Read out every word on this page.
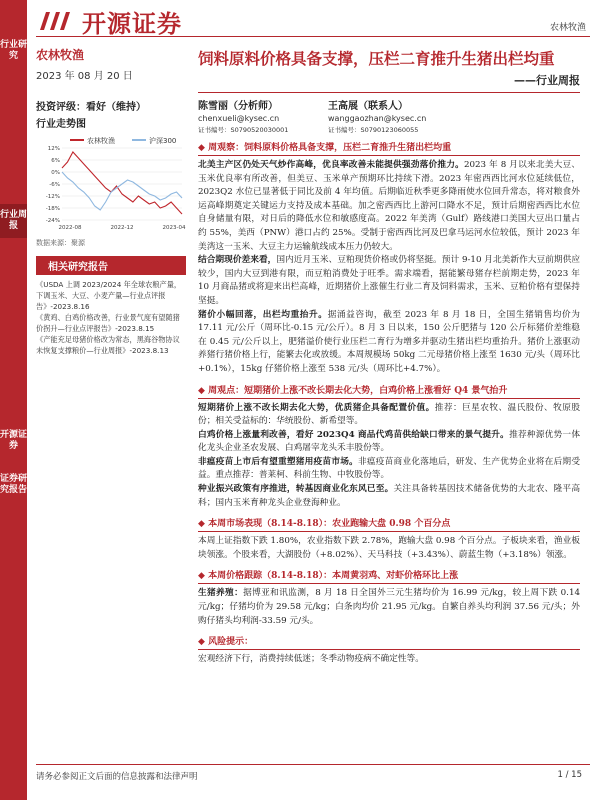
行业研究
行业周报
开源证券
证券研究报告
开源证券	农林牧渔
农林牧渔
2023 年 08 月 20 日
投资评级：看好（维持）
行业走势图
农林牧渔	沪深300
12%
6%
0%
-6%
-12%
-18%
-24%
2022-08	2022-12	2023-04
数据来源：聚源
相关研究报告

《USDA 上调 2023/2024 年全球农粮产量，下调玉米、大豆、小麦产量—行业点评报告》-2023.8.16

《黄鸡、白鸡价格改善，行业景气度有望随猪价拐升—行业点评报告》-2023.8.15

《产能充足母猪价格改为常态，黑海谷物协议未恢复支撑粮价—行业周报》-2023.8.13

饲料原料价格具备支撑，压栏二育推升生猪出栏均重
——行业周报
陈雪丽（分析师）
chenxueli@kysec.cn
证书编号：S0790520030001
王高展（联系人）
wanggaozhan@kysec.cn
证书编号：S0790123060055
◆ 周观察：饲料原料价格具备支撑，压栏二育推升生猪出栏均重

北美主产区仍处天气炒作高峰，优良率改善未能提供强劲落价推力。2023 年 8 月以来北美大豆、玉米优良率有所改善，但美豆、玉米单产预期环比持续下滑。2023 年密西西比河水位延续低位，2023Q2 水位已显著低于同比及前 4 年均值。后期临近秋季更多降雨使水位回升常态，将对粮食外运高峰期奠定关键运力支持及成本基础。加之密西西比上游河口降水不足，预计后期密西西比水位自身储量有限，对日后的降低水位和敏感度高。2022 年美湾（Gulf）路线港口美国大豆出口量占约 55%，美西（PNW）港口占约 25%。受制于密西西比河及巴拿马运河水位较低，预计 2023 年美湾这一玉米、大豆主力运输航线成本压力仍较大。

结合期现价差来看，国内近月玉米、豆粕现货价格或仍将坚挺。预计 9-10 月北美新作大豆前期供应较少，国内大豆到港有限，而豆粕消费处于旺季。需求端看，据能繁母猪存栏前期走势，2023 年 10 月商品猪或将迎来出栏高峰，近期猪价上涨催生行业二育及饲料需求，玉米、豆粕价格有望保持坚挺。

猪价小幅回落，出栏均重抬升。据涌益咨询，截至 2023 年 8 月 18 日，全国生猪销售均价为 17.11 元/公斤（周环比-0.15 元/公斤）。8 月 3 日以来，150 公斤肥猪与 120 公斤标猪价差维稳在 0.45 元/公斤以上，肥猪溢价使行业压栏二育行为增多并驱动生猪出栏均重抬升。猪价上涨驱动养猪行猪价格上行，能繁去化或放缓。本周规模场 50kg 二元母猪价格上涨至 1630 元/头（周环比+0.1%），15kg 仔猪价格上涨至 538 元/头（周环比+4.7%）。

◆ 周观点：短期猪价上涨不改长期去化大势，白鸡价格上涨看好 Q4 景气抬升

短期猪价上涨不改长期去化大势，优质猪企具备配置价值。推荐：巨星农牧、温氏股份、牧原股份；相关受益标的：华统股份、新希望等。

白鸡价格上涨量利改善，看好 2023Q4 商品代鸡苗供给缺口带来的景气提升。推荐种源优势一体化龙头企业圣农发展、白鸡屠宰龙头禾丰股份等。

非瘟疫苗上市后有望重塑猪用疫苗市场。非瘟疫苗商业化落地后，研发、生产优势企业将在后期受益。重点推荐：普莱柯、科前生物、中牧股份等。

种业振兴政策有序推进，转基因商业化东风已至。关注具备转基因技术储备优势的大北农、隆平高科；国内玉米育种龙头企业登海种业。

◆ 本周市场表现（8.14-8.18）：农业跑输大盘 0.98 个百分点

本周上证指数下跌 1.80%，农业指数下跌 2.78%，跑输大盘 0.98 个百分点。子板块来看，渔业板块领涨。个股来看，大湖股份（+8.02%）、天马科技（+3.43%）、蔚蓝生物（+3.18%）领涨。

◆ 本周价格跟踪（8.14-8.18）：本周黄羽鸡、对虾价格环比上涨

生猪养殖：据博亚和讯监测，8 月 18 日全国外三元生猪均价为 16.99 元/kg，较上周下跌 0.14 元/kg；仔猪均价为 29.58 元/kg；白条肉均价 21.95 元/kg。自繁自养头均利润 37.56 元/头；外购仔猪头均利润-33.59 元/头。

◆ 风险提示：

宏观经济下行，消费持续低迷；冬季动物疫病不确定性等。

请务必参阅正文后面的信息披露和法律声明	1 / 15
